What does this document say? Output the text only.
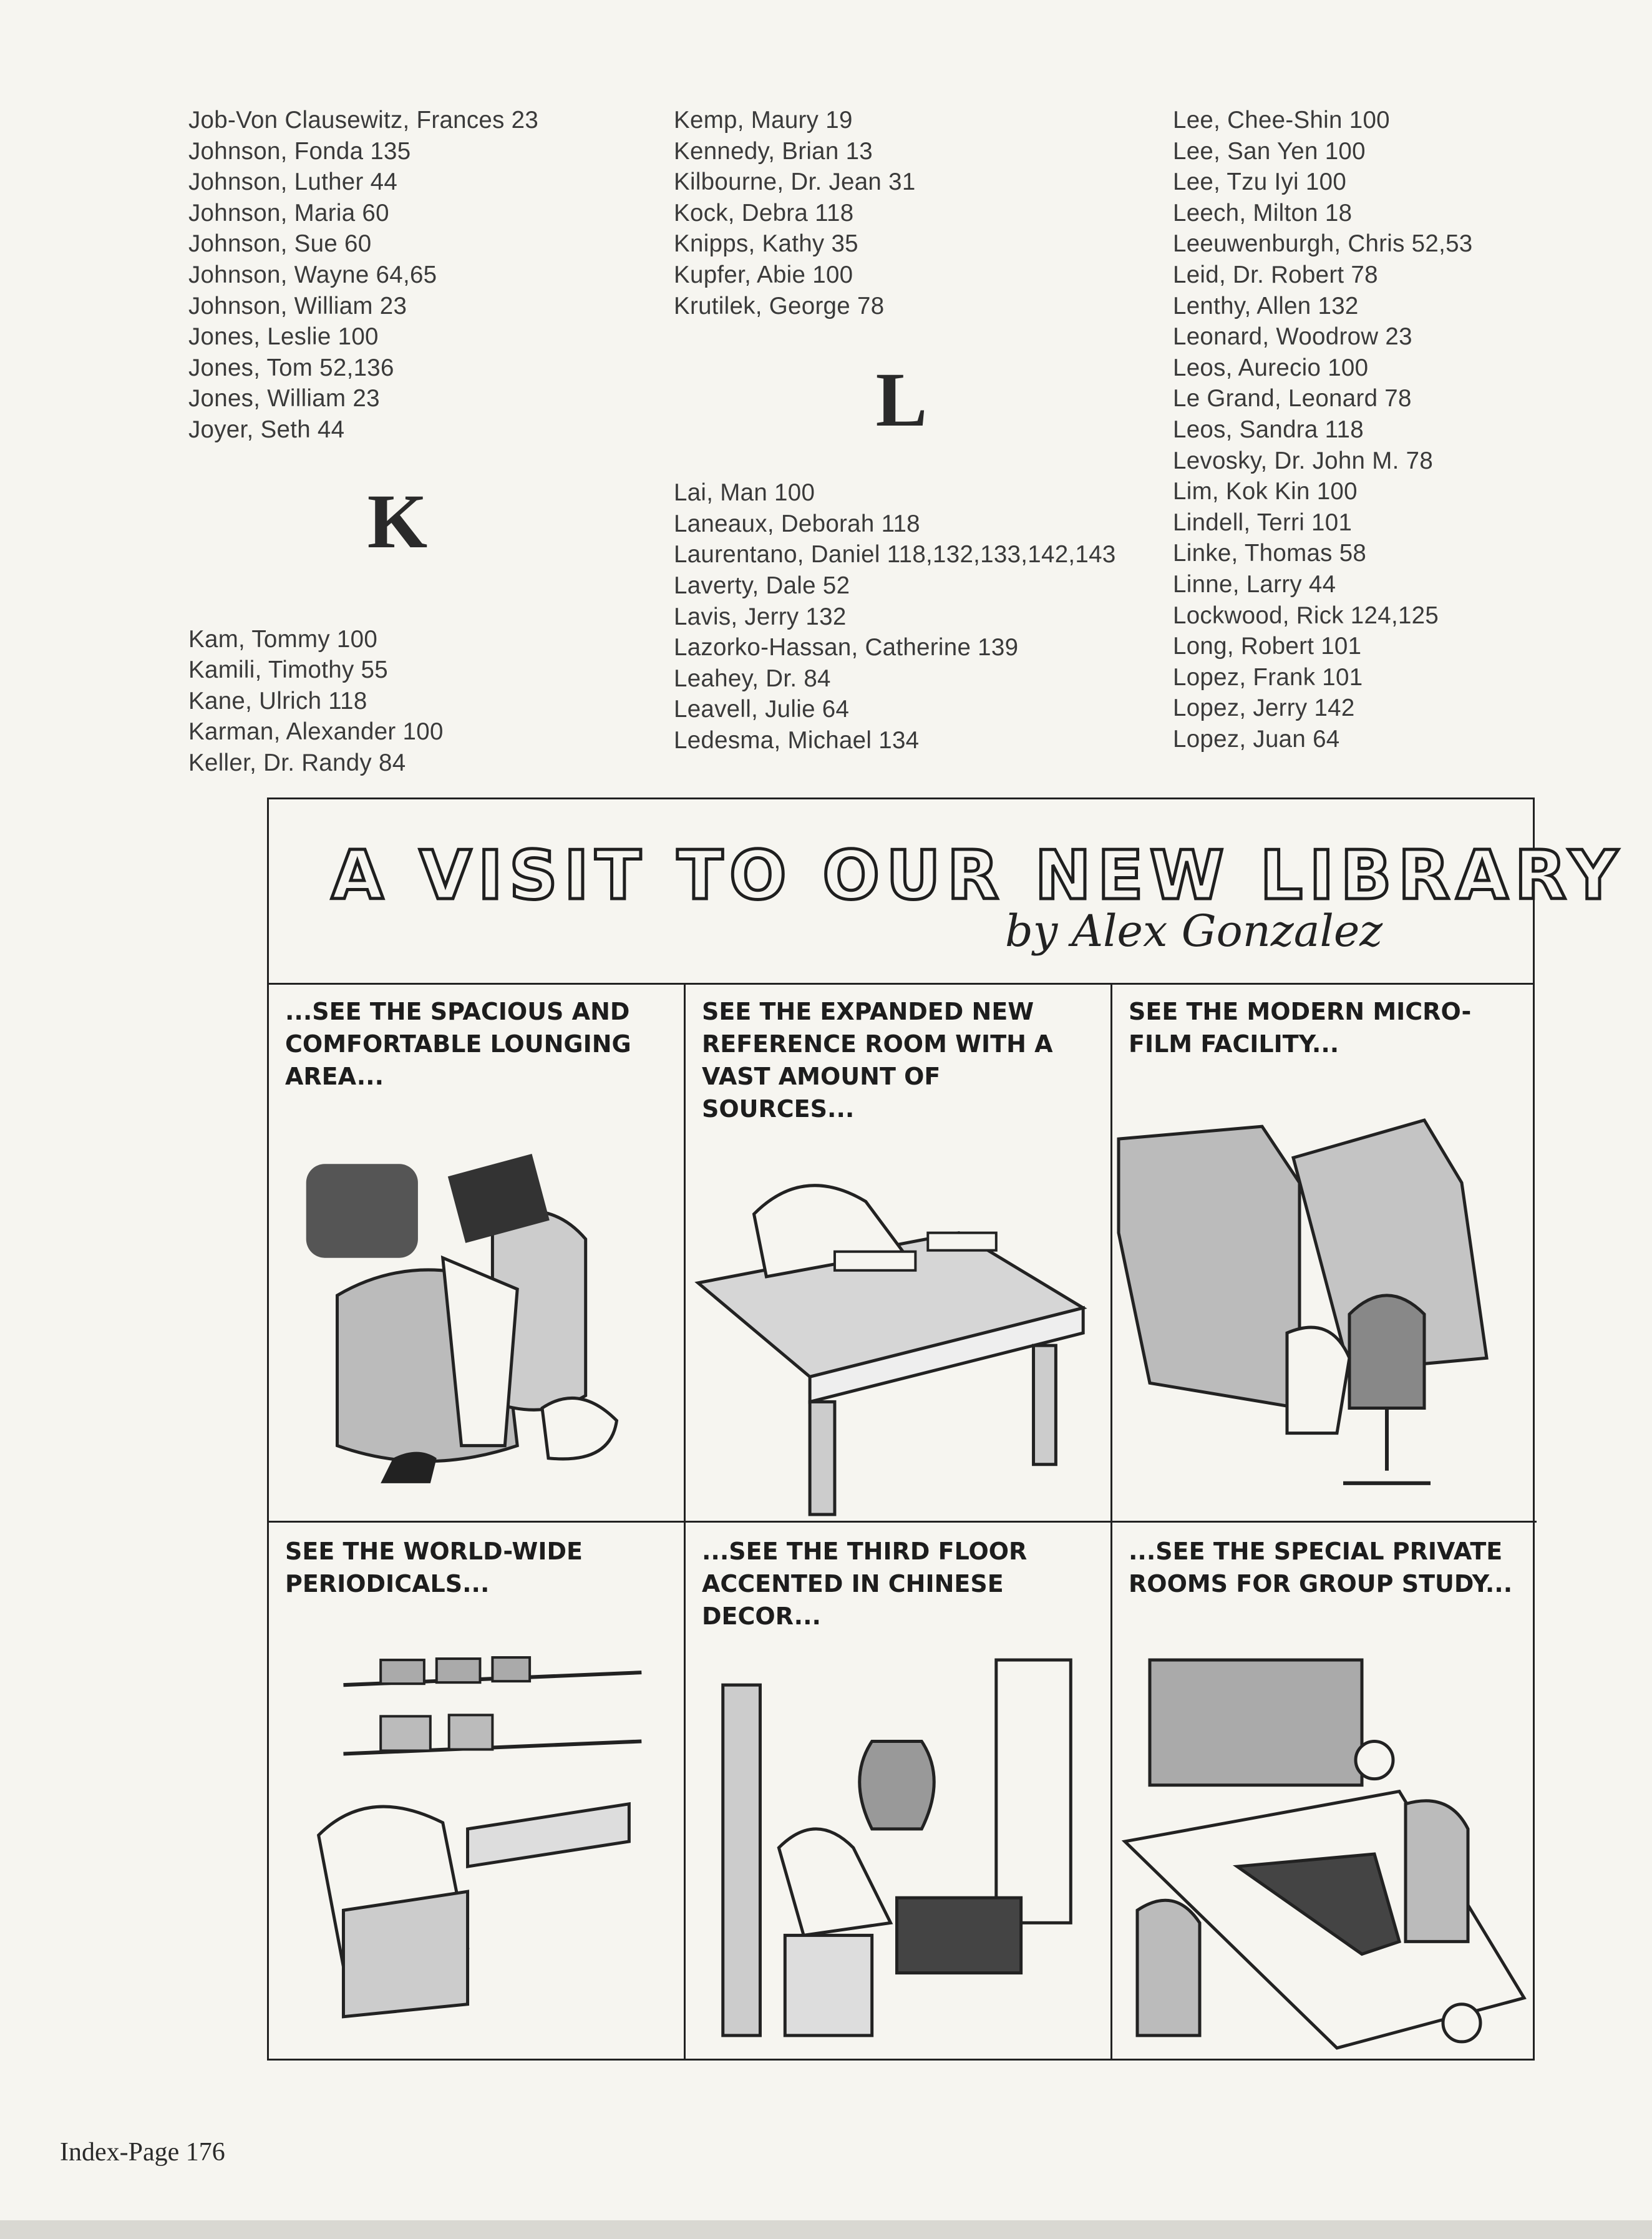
Job-Von Clausewitz, Frances 23
Johnson, Fonda 135
Johnson, Luther 44
Johnson, Maria 60
Johnson, Sue 60
Johnson, Wayne 64,65
Johnson, William 23
Jones, Leslie 100
Jones, Tom 52,136
Jones, William 23
Joyer, Seth 44
K
Kam, Tommy 100
Kamili, Timothy 55
Kane, Ulrich 118
Karman, Alexander 100
Keller, Dr. Randy 84
Kemp, Maury 19
Kennedy, Brian 13
Kilbourne, Dr. Jean 31
Kock, Debra 118
Knipps, Kathy 35
Kupfer, Abie 100
Krutilek, George 78
L
Lai, Man 100
Laneaux, Deborah 118
Laurentano, Daniel 118,132,133,142,143
Laverty, Dale 52
Lavis, Jerry 132
Lazorko-Hassan, Catherine 139
Leahey, Dr. 84
Leavell, Julie 64
Ledesma, Michael 134
Lee, Chee-Shin 100
Lee, San Yen 100
Lee, Tzu Iyi 100
Leech, Milton 18
Leeuwenburgh, Chris 52,53
Leid, Dr. Robert 78
Lenthy, Allen 132
Leonard, Woodrow 23
Leos, Aurecio 100
Le Grand, Leonard 78
Leos, Sandra 118
Levosky, Dr. John M. 78
Lim, Kok Kin 100
Lindell, Terri 101
Linke, Thomas 58
Linne, Larry 44
Lockwood, Rick 124,125
Long, Robert 101
Lopez, Frank 101
Lopez, Jerry 142
Lopez, Juan 64
A VISIT TO OUR NEW LIBRARY
by Alex Gonzalez
...SEE THE SPACIOUS AND COMFORTABLE LOUNGING AREA...
SEE THE EXPANDED NEW REFERENCE ROOM WITH A VAST AMOUNT OF SOURCES...
SEE THE MODERN MICRO-FILM FACILITY...
SEE THE WORLD-WIDE PERIODICALS...
...SEE THE THIRD FLOOR ACCENTED IN CHINESE DECOR...
...SEE THE SPECIAL PRIVATE ROOMS FOR GROUP STUDY...
Index-Page 176
